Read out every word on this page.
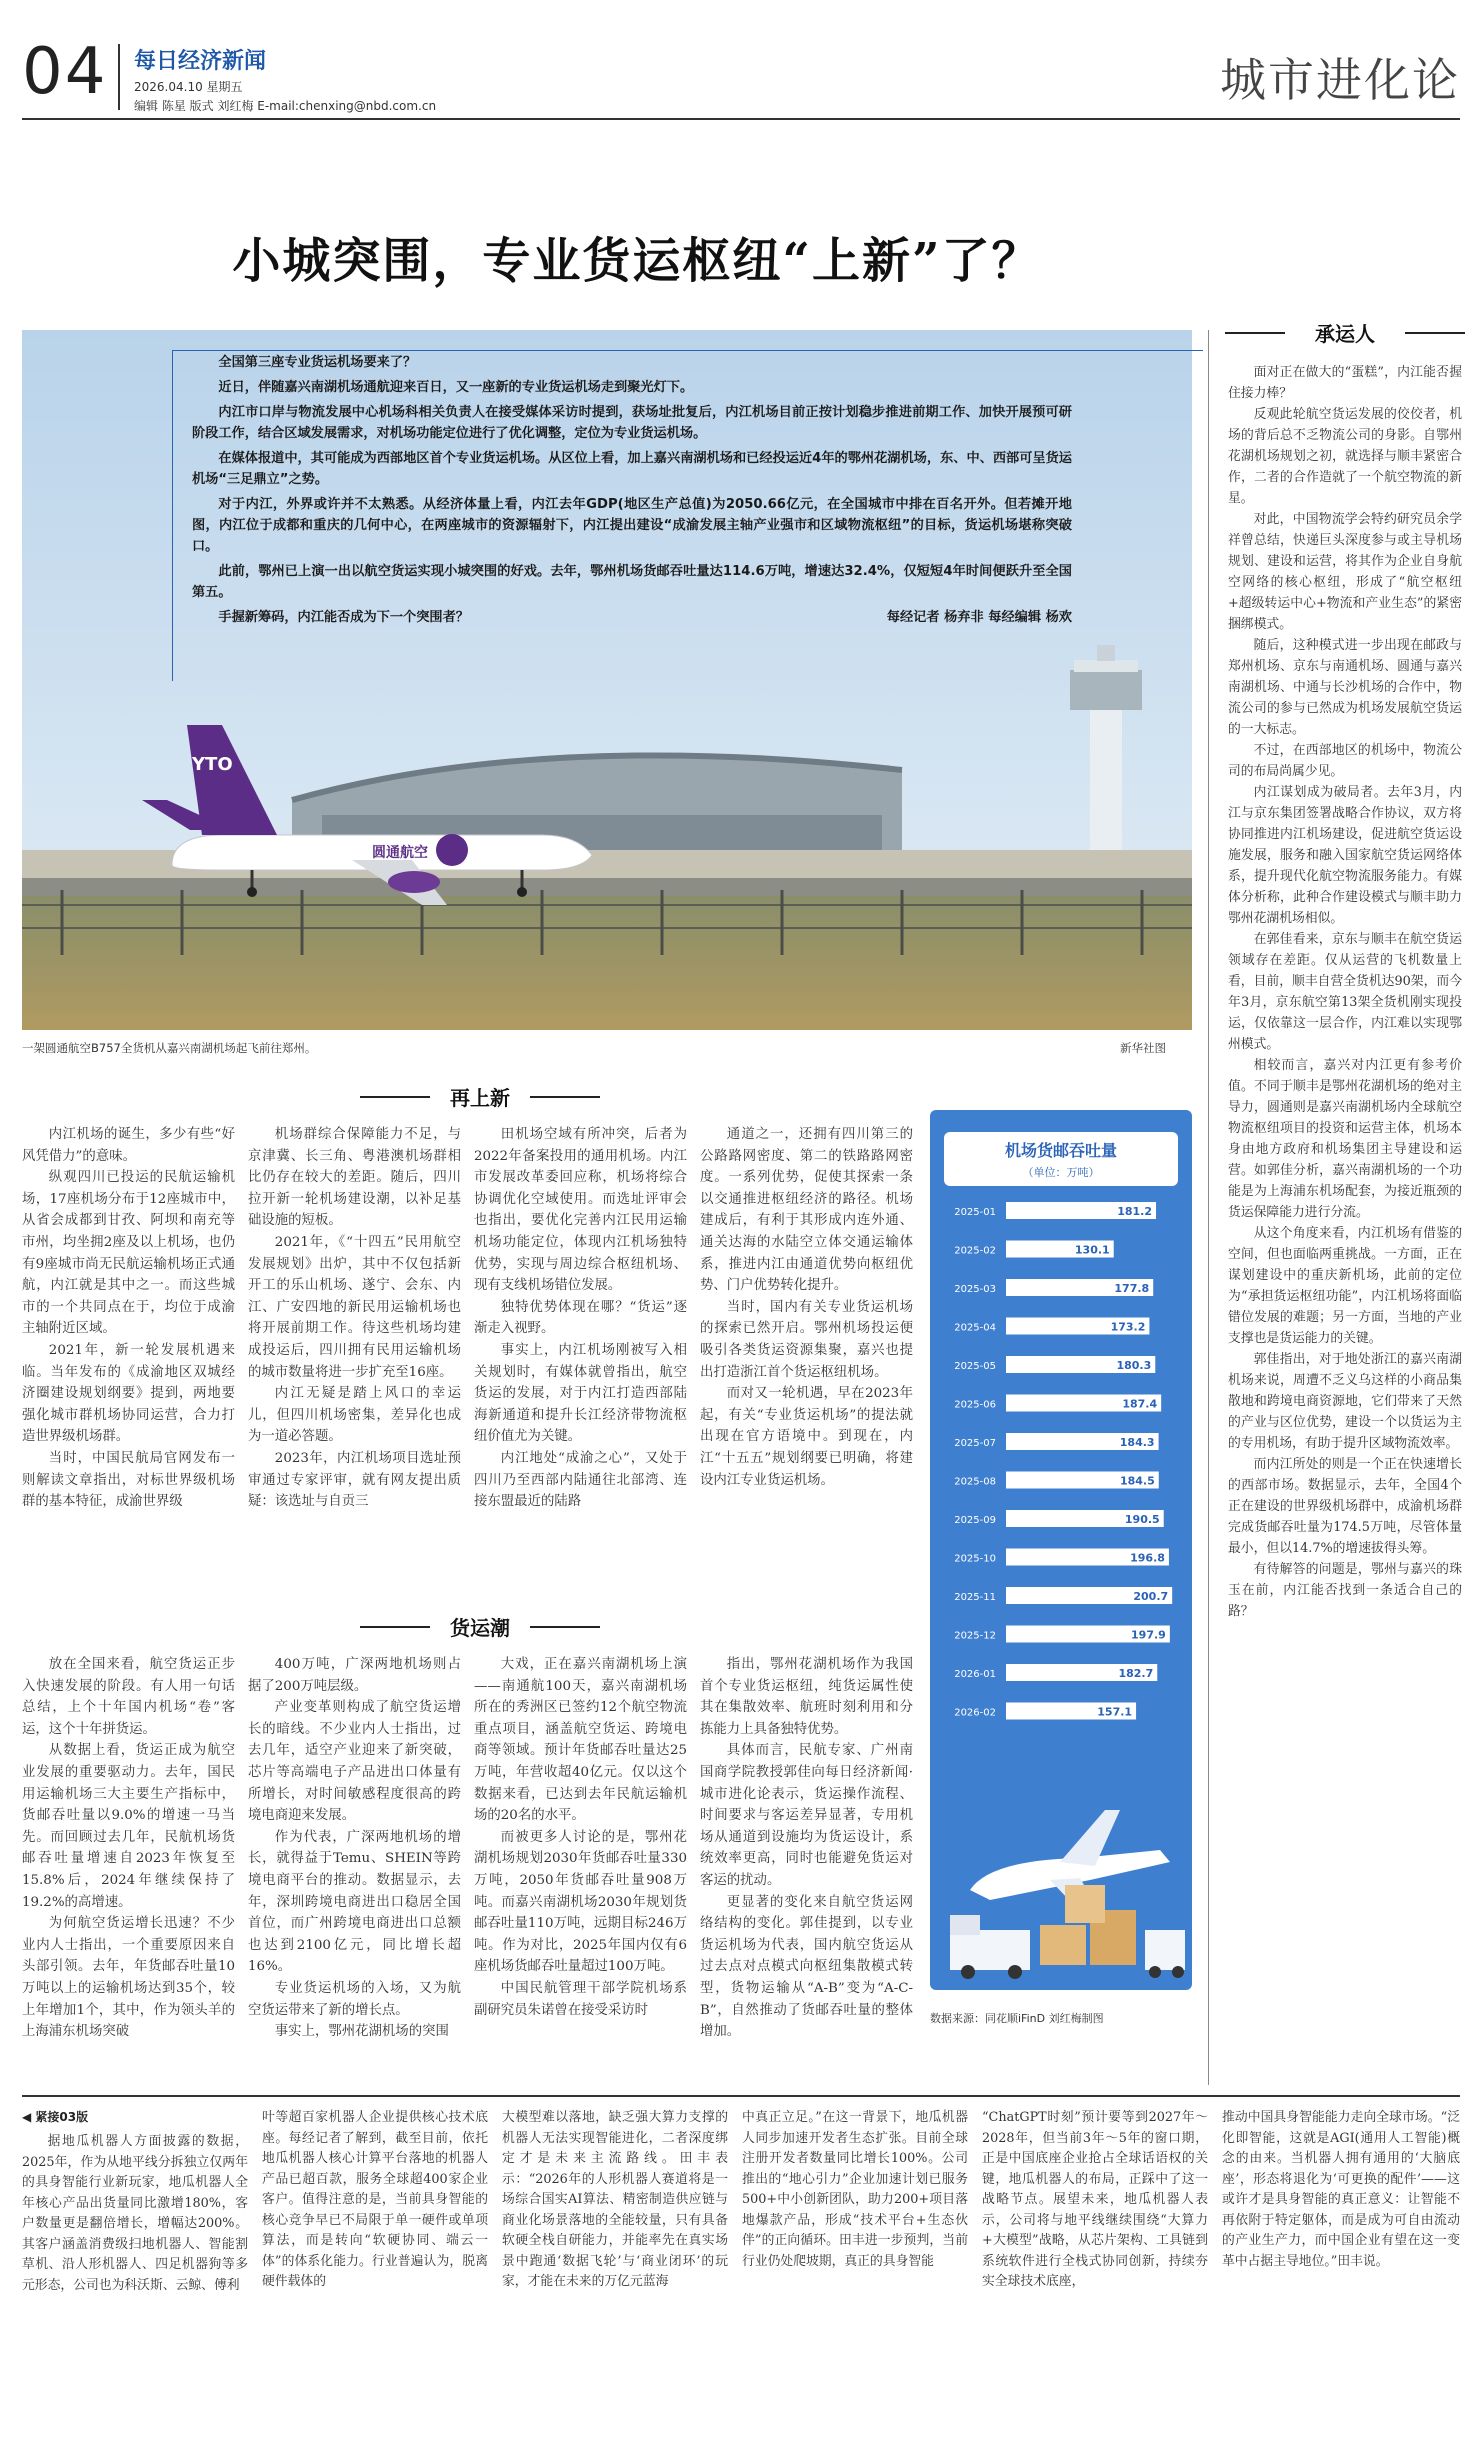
04 每日经济新闻
2026.04.10 星期五
编辑 陈星 版式 刘红梅 E-mail:chenxing@nbd.com.cn	城市进化论
小城突围，专业货运枢纽“上新”了？

全国第三座专业货运机场要来了？

近日，伴随嘉兴南湖机场通航迎来百日，又一座新的专业货运机场走到聚光灯下。

内江市口岸与物流发展中心机场科相关负责人在接受媒体采访时提到，获场址批复后，内江机场目前正按计划稳步推进前期工作、加快开展预可研阶段工作，结合区域发展需求，对机场功能定位进行了优化调整，定位为专业货运机场。

在媒体报道中，其可能成为西部地区首个专业货运机场。从区位上看，加上嘉兴南湖机场和已经投运近4年的鄂州花湖机场，东、中、西部可呈货运机场“三足鼎立”之势。

对于内江，外界或许并不太熟悉。从经济体量上看，内江去年GDP(地区生产总值)为2050.66亿元，在全国城市中排在百名开外。但若摊开地图，内江位于成都和重庆的几何中心，在两座城市的资源辐射下，内江提出建设“成渝发展主轴产业强市和区域物流枢纽”的目标，货运机场堪称突破口。

此前，鄂州已上演一出以航空货运实现小城突围的好戏。去年，鄂州机场货邮吞吐量达114.6万吨，增速达32.4%，仅短短4年时间便跃升至全国第五。

手握新筹码，内江能否成为下一个突围者？	每经记者 杨弃非 每经编辑 杨欢

YTO
圆通航空
一架圆通航空B757全货机从嘉兴南湖机场起飞前往郑州。	新华社图
承运人

面对正在做大的“蛋糕”，内江能否握住接力棒？

反观此轮航空货运发展的佼佼者，机场的背后总不乏物流公司的身影。自鄂州花湖机场规划之初，就选择与顺丰紧密合作，二者的合作造就了一个航空物流的新星。

对此，中国物流学会特约研究员余学祥曾总结，快递巨头深度参与或主导机场规划、建设和运营，将其作为企业自身航空网络的核心枢纽，形成了“航空枢纽+超级转运中心+物流和产业生态”的紧密捆绑模式。

随后，这种模式进一步出现在邮政与郑州机场、京东与南通机场、圆通与嘉兴南湖机场、中通与长沙机场的合作中，物流公司的参与已然成为机场发展航空货运的一大标志。

不过，在西部地区的机场中，物流公司的布局尚属少见。

内江谋划成为破局者。去年3月，内江与京东集团签署战略合作协议，双方将协同推进内江机场建设，促进航空货运设施发展，服务和融入国家航空货运网络体系，提升现代化航空物流服务能力。有媒体分析称，此种合作建设模式与顺丰助力鄂州花湖机场相似。

在郭佳看来，京东与顺丰在航空货运领域存在差距。仅从运营的飞机数量上看，目前，顺丰自营全货机达90架，而今年3月，京东航空第13架全货机刚实现投运，仅依靠这一层合作，内江难以实现鄂州模式。

相较而言，嘉兴对内江更有参考价值。不同于顺丰是鄂州花湖机场的绝对主导力，圆通则是嘉兴南湖机场内全球航空物流枢纽项目的投资和运营主体，机场本身由地方政府和机场集团主导建设和运营。如郭佳分析，嘉兴南湖机场的一个功能是为上海浦东机场配套，为接近瓶颈的货运保障能力进行分流。

从这个角度来看，内江机场有借鉴的空间，但也面临两重挑战。一方面，正在谋划建设中的重庆新机场，此前的定位为“承担货运枢纽功能”，内江机场将面临错位发展的难题；另一方面，当地的产业支撑也是货运能力的关键。

郭佳指出，对于地处浙江的嘉兴南湖机场来说，周遭不乏义乌这样的小商品集散地和跨境电商资源地，它们带来了天然的产业与区位优势，建设一个以货运为主的专用机场，有助于提升区域物流效率。

而内江所处的则是一个正在快速增长的西部市场。数据显示，去年，全国4个正在建设的世界级机场群中，成渝机场群完成货邮吞吐量为174.5万吨，尽管体量最小，但以14.7%的增速拔得头筹。

有待解答的问题是，鄂州与嘉兴的珠玉在前，内江能否找到一条适合自己的路？

再上新

内江机场的诞生，多少有些“好风凭借力”的意味。

纵观四川已投运的民航运输机场，17座机场分布于12座城市中，从省会成都到甘孜、阿坝和南充等市州，均坐拥2座及以上机场，也仍有9座城市尚无民航运输机场正式通航，内江就是其中之一。而这些城市的一个共同点在于，均位于成渝主轴附近区域。

2021年，新一轮发展机遇来临。当年发布的《成渝地区双城经济圈建设规划纲要》提到，两地要强化城市群机场协同运营，合力打造世界级机场群。

当时，中国民航局官网发布一则解读文章指出，对标世界级机场群的基本特征，成渝世界级

机场群综合保障能力不足，与京津冀、长三角、粤港澳机场群相比仍存在较大的差距。随后，四川拉开新一轮机场建设潮，以补足基础设施的短板。

2021年，《“十四五”民用航空发展规划》出炉，其中不仅包括新开工的乐山机场、遂宁、会东、内江、广安四地的新民用运输机场也将开展前期工作。待这些机场均建成投运后，四川拥有民用运输机场的城市数量将进一步扩充至16座。

内江无疑是踏上风口的幸运儿，但四川机场密集，差异化也成为一道必答题。

2023年，内江机场项目选址预审通过专家评审，就有网友提出质疑：该选址与自贡三

田机场空域有所冲突，后者为2022年备案投用的通用机场。内江市发展改革委回应称，机场将综合协调优化空域使用。而选址评审会也指出，要优化完善内江民用运输机场功能定位，体现内江机场独特优势，实现与周边综合枢纽机场、现有支线机场错位发展。

独特优势体现在哪？“货运”逐渐走入视野。

事实上，内江机场刚被写入相关规划时，有媒体就曾指出，航空货运的发展，对于内江打造西部陆海新通道和提升长江经济带物流枢纽价值尤为关键。

内江地处“成渝之心”，又处于四川乃至西部内陆通往北部湾、连接东盟最近的陆路

通道之一，还拥有四川第三的公路路网密度、第二的铁路路网密度。一系列优势，促使其探索一条以交通推进枢纽经济的路径。机场建成后，有利于其形成内连外通、通关达海的水陆空立体交通运输体系，推进内江由通道优势向枢纽优势、门户优势转化提升。

当时，国内有关专业货运机场的探索已然开启。鄂州机场投运便吸引各类货运资源集聚，嘉兴也提出打造浙江首个货运枢纽机场。

而对又一轮机遇，早在2023年起，有关“专业货运机场”的提法就出现在官方语境中。到现在，内江“十五五”规划纲要已明确，将建设内江专业货运机场。

货运潮

放在全国来看，航空货运正步入快速发展的阶段。有人用一句话总结，上个十年国内机场“卷”客运，这个十年拼货运。

从数据上看，货运正成为航空业发展的重要驱动力。去年，国民用运输机场三大主要生产指标中，货邮吞吐量以9.0%的增速一马当先。而回顾过去几年，民航机场货邮吞吐量增速自2023年恢复至15.8%后，2024年继续保持了19.2%的高增速。

为何航空货运增长迅速？不少业内人士指出，一个重要原因来自头部引领。去年，年货邮吞吐量10万吨以上的运输机场达到35个，较上年增加1个，其中，作为领头羊的上海浦东机场突破

400万吨，广深两地机场则占据了200万吨层级。

产业变革则构成了航空货运增长的暗线。不少业内人士指出，过去几年，适空产业迎来了新突破，芯片等高端电子产品进出口体量有所增长，对时间敏感程度很高的跨境电商迎来发展。

作为代表，广深两地机场的增长，就得益于Temu、SHEIN等跨境电商平台的推动。数据显示，去年，深圳跨境电商进出口稳居全国首位，而广州跨境电商进出口总额也达到2100亿元，同比增长超16%。

专业货运机场的入场，又为航空货运带来了新的增长点。

事实上，鄂州花湖机场的突围

大戏，正在嘉兴南湖机场上演——南通航100天，嘉兴南湖机场所在的秀洲区已签约12个航空物流重点项目，涵盖航空货运、跨境电商等领域。预计年货邮吞吐量达25万吨，年营收超40亿元。仅以这个数据来看，已达到去年民航运输机场的20名的水平。

而被更多人讨论的是，鄂州花湖机场规划2030年货邮吞吐量330万吨，2050年货邮吞吐量908万吨。而嘉兴南湖机场2030年规划货邮吞吐量110万吨，远期目标246万吨。作为对比，2025年国内仅有6座机场货邮吞吐量超过100万吨。

中国民航管理干部学院机场系副研究员朱诺曾在接受采访时

指出，鄂州花湖机场作为我国首个专业货运枢纽，纯货运属性使其在集散效率、航班时刻利用和分拣能力上具备独特优势。

具体而言，民航专家、广州南国商学院教授郭佳向每日经济新闻·城市进化论表示，货运操作流程、时间要求与客运差异显著，专用机场从通道到设施均为货运设计，系统效率更高，同时也能避免货运对客运的扰动。

更显著的变化来自航空货运网络结构的变化。郭佳提到，以专业货运机场为代表，国内航空货运从过去点对点模式向枢纽集散模式转型，货物运输从“A-B”变为“A-C-B”，自然推动了货邮吞吐量的整体增加。

机场货邮吞吐量
（单位：万吨）
2025-01	181.2
2025-02	130.1
2025-03	177.8
2025-04	173.2
2025-05	180.3
2025-06	187.4
2025-07	184.3
2025-08	184.5
2025-09	190.5
2025-10	196.8
2025-11	200.7
2025-12	197.9
2026-01	182.7
2026-02	157.1
数据来源：同花顺iFinD 刘红梅制图
◀ 紧接03版

据地瓜机器人方面披露的数据，2025年，作为从地平线分拆独立仅两年的具身智能行业新玩家，地瓜机器人全年核心产品出货量同比激增180%，客户数量更是翻倍增长，增幅达200%。其客户涵盖消费级扫地机器人、智能割草机、沿人形机器人、四足机器狗等多元形态，公司也为科沃斯、云鲸、傅利

叶等超百家机器人企业提供核心技术底座。每经记者了解到，截至目前，依托地瓜机器人核心计算平台落地的机器人产品已超百款，服务全球超400家企业客户。值得注意的是，当前具身智能的核心竞争早已不局限于单一硬件或单项算法，而是转向“软硬协同、端云一体”的体系化能力。行业普遍认为，脱离硬件载体的

大模型难以落地，缺乏强大算力支撑的机器人无法实现智能进化，二者深度绑定才是未来主流路线。田丰表示：“2026年的人形机器人赛道将是一场综合国实AI算法、精密制造供应链与商业化场景落地的全能较量，只有具备软硬全栈自研能力，并能率先在真实场景中跑通‘数据飞轮’与‘商业闭环’的玩家，才能在未来的万亿元蓝海

中真正立足。”在这一背景下，地瓜机器人同步加速开发者生态扩张。目前全球注册开发者数量同比增长100%。公司推出的“地心引力”企业加速计划已服务500+中小创新团队，助力200+项目落地爆款产品，形成“技术平台+生态伙伴”的正向循环。田丰进一步预判，当前行业仍处爬坡期，真正的具身智能

“ChatGPT时刻”预计要等到2027年～2028年，但当前3年～5年的窗口期，正是中国底座企业抢占全球话语权的关键，地瓜机器人的布局，正踩中了这一战略节点。展望未来，地瓜机器人表示，公司将与地平线继续围绕“大算力+大模型”战略，从芯片架构、工具链到系统软件进行全栈式协同创新，持续夯实全球技术底座，

推动中国具身智能能力走向全球市场。“泛化即智能，这就是AGI(通用人工智能)概念的由来。当机器人拥有通用的‘大脑底座’，形态将退化为‘可更换的配件’——这或许才是具身智能的真正意义：让智能不再依附于特定躯体，而是成为可自由流动的产业生产力，而中国企业有望在这一变革中占据主导地位。”田丰说。
